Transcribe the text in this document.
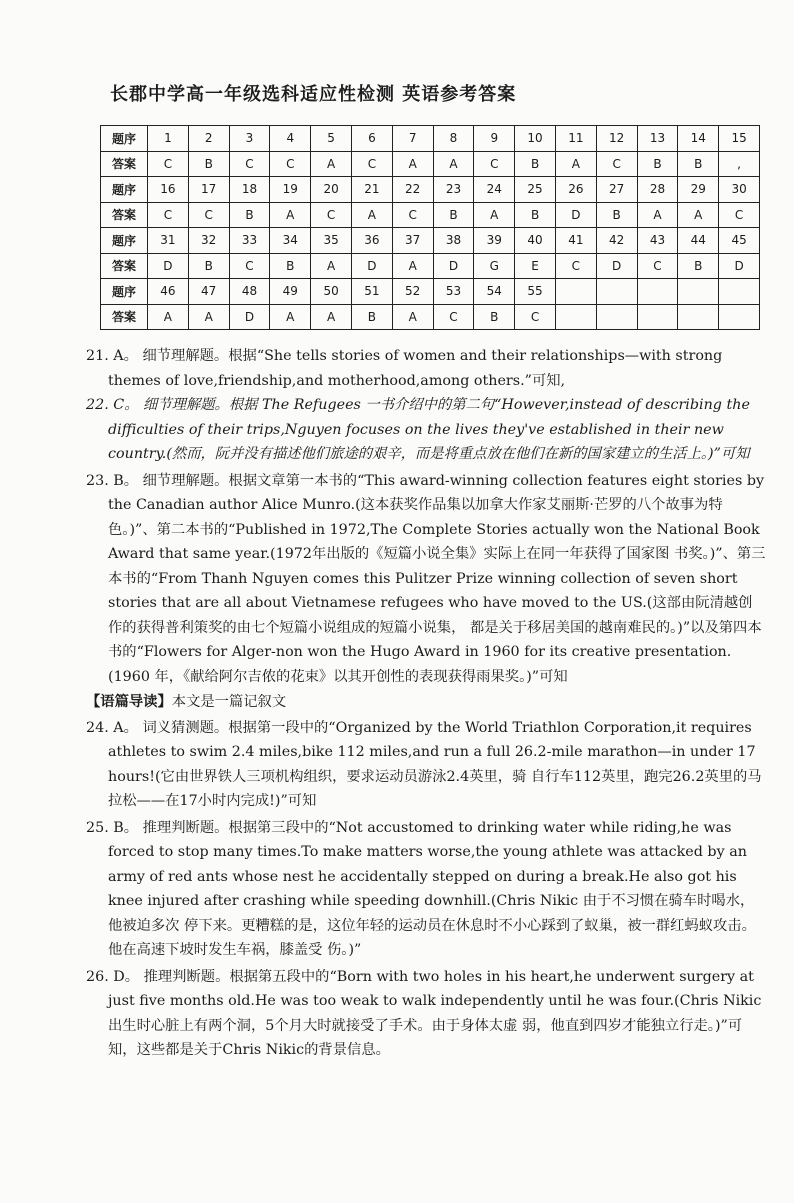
长郡中学高一年级选科适应性检测 英语参考答案
题序	1	2	3	4	5	6	7	8	9	10	11	12	13	14	15
答案	C	B	C	C	A	C	A	A	C	B	A	C	B	B	,
题序	16	17	18	19	20	21	22	23	24	25	26	27	28	29	30
答案	C	C	B	A	C	A	C	B	A	B	D	B	A	A	C
题序	31	32	33	34	35	36	37	38	39	40	41	42	43	44	45
答案	D	B	C	B	A	D	A	D	G	E	C	D	C	B	D
题序	46	47	48	49	50	51	52	53	54	55					
答案	A	A	D	A	A	B	A	C	B	C					

21. A。 细节理解题。根据“She tells stories of women and their relationships—with strong themes of love,friendship,and motherhood,among others.”可知,

22. C。 细节理解题。根据 The Refugees 一书介绍中的第二句“However,instead of describing the difficulties of their trips,Nguyen focuses on the lives they've established in their new country.(然而，阮并没有描述他们旅途的艰辛，而是将重点放在他们在新的国家建立的生活上。)”可知

23. B。 细节理解题。根据文章第一本书的“This award-winning collection features eight stories by the Canadian author Alice Munro.(这本获奖作品集以加拿大作家艾丽斯·芒罗的八个故事为特色。)”、第二本书的“Published in 1972,The Complete Stories actually won the National Book Award that same year.(1972年出版的《短篇小说全集》实际上在同一年获得了国家图 书奖。)”、第三本书的“From Thanh Nguyen comes this Pulitzer Prize winning collection of seven short stories that are all about Vietnamese refugees who have moved to the US.(这部由阮清越创作的获得普利策奖的由七个短篇小说组成的短篇小说集， 都是关于移居美国的越南难民的。)”以及第四本书的“Flowers for Alger-non won the Hugo Award in 1960 for its creative presentation.(1960 年，《献给阿尔吉侬的花束》以其开创性的表现获得雨果奖。)”可知

【语篇导读】本文是一篇记叙文

24. A。 词义猜测题。根据第一段中的“Organized by the World Triathlon Corporation,it requires athletes to swim 2.4 miles,bike 112 miles,and run a full 26.2-mile marathon—in under 17 hours!(它由世界铁人三项机构组织，要求运动员游泳2.4英里，骑 自行车112英里，跑完26.2英里的马拉松——在17小时内完成!)”可知

25. B。 推理判断题。根据第三段中的“Not accustomed to drinking water while riding,he was forced to stop many times.To make matters worse,the young athlete was attacked by an army of red ants whose nest he accidentally stepped on during a break.He also got his knee injured after crashing while speeding downhill.(Chris Nikic 由于不习惯在骑车时喝水，他被迫多次 停下来。更糟糕的是，这位年轻的运动员在休息时不小心踩到了蚁巢，被一群红蚂蚁攻击。他在高速下坡时发生车祸，膝盖受 伤。)”

26. D。 推理判断题。根据第五段中的“Born with two holes in his heart,he underwent surgery at just five months old.He was too weak to walk independently until he was four.(Chris Nikic 出生时心脏上有两个洞，5个月大时就接受了手术。由于身体太虚 弱，他直到四岁才能独立行走。)”可知，这些都是关于Chris Nikic的背景信息。
